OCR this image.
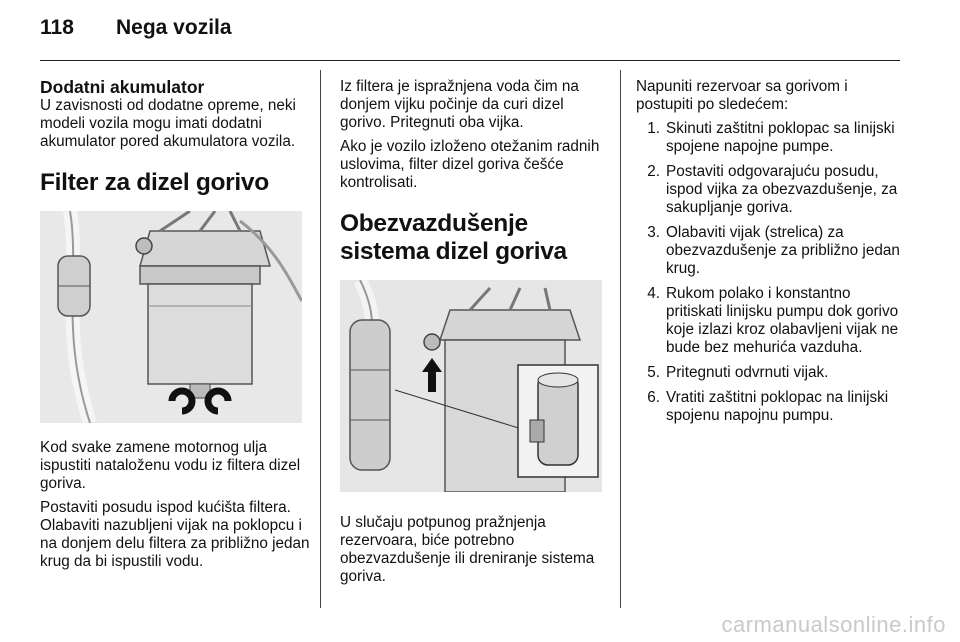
118	Nega vozila
Dodatni akumulator

U zavisnosti od dodatne opreme, neki modeli vozila mogu imati dodatni akumulator pored akumulatora vozila.

Filter za dizel gorivo

Kod svake zamene motornog ulja ispustiti nataloženu vodu iz filtera dizel goriva.

Postaviti posudu ispod kućišta filtera. Olabaviti nazubljeni vijak na poklopcu i na donjem delu filtera za približno jedan krug da bi ispustili vodu.

Iz filtera je ispražnjena voda čim na donjem vijku počinje da curi dizel gorivo. Pritegnuti oba vijka.

Ako je vozilo izloženo otežanim radnih uslovima, filter dizel goriva češće kontrolisati.

Obezvazdušenje sistema dizel goriva

U slučaju potpunog pražnjenja rezervoara, biće potrebno obezvazdušenje ili dreniranje sistema goriva.

Napuniti rezervoar sa gorivom i postupiti po sledećem:

1. Skinuti zaštitni poklopac sa linijski spojene napojne pumpe.
2. Postaviti odgovarajuću posudu, ispod vijka za obezvazdušenje, za sakupljanje goriva.
3. Olabaviti vijak (strelica) za obezvazdušenje za približno jedan krug.
4. Rukom polako i konstantno pritiskati linijsku pumpu dok gorivo koje izlazi kroz olabavljeni vijak ne bude bez mehurića vazduha.
5. Pritegnuti odvrnuti vijak.
6. Vratiti zaštitni poklopac na linijski spojenu napojnu pumpu.
carmanualsonline.info
